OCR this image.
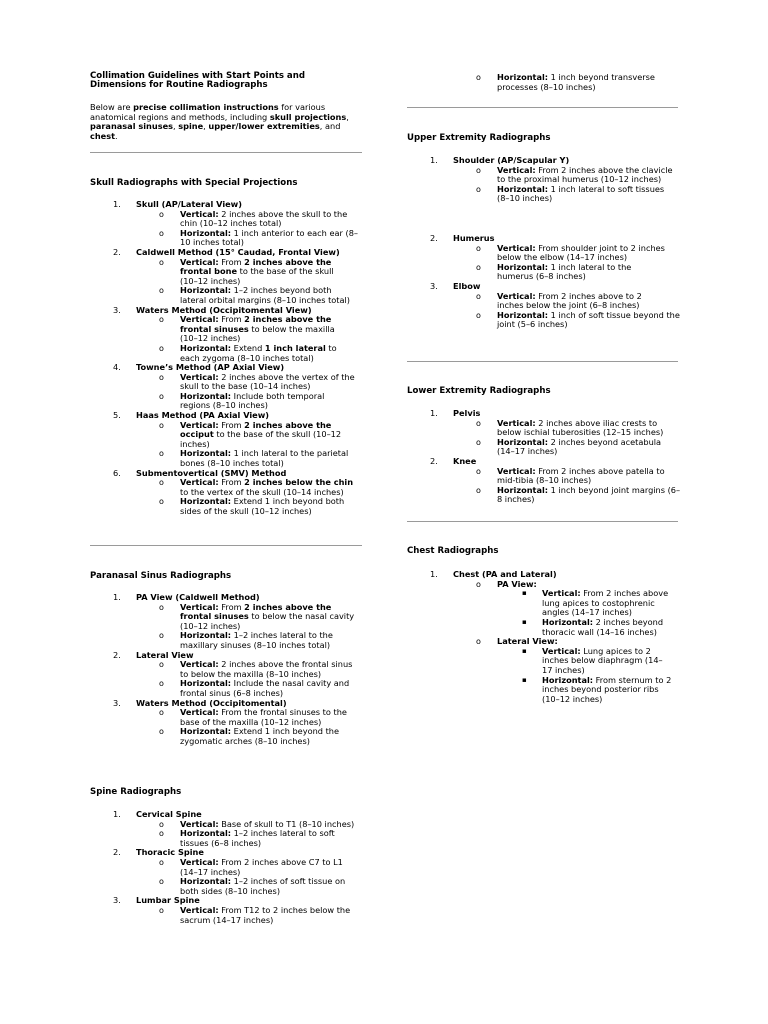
Collimation Guidelines with Start Points and
Dimensions for Routine Radiographs
Below are precise collimation instructions for various anatomical regions and methods, including skull projections, paranasal sinuses, spine, upper/lower extremities, and chest.
Skull Radiographs with Special Projections
1. Skull (AP/Lateral View)
o Vertical: 2 inches above the skull to the chin (10–12 inches total)
o Horizontal: 1 inch anterior to each ear (8–10 inches total)
2. Caldwell Method (15° Caudad, Frontal View)
o Vertical: From 2 inches above the frontal bone to the base of the skull (10–12 inches)
o Horizontal: 1–2 inches beyond both lateral orbital margins (8–10 inches total)
3. Waters Method (Occipitomental View)
o Vertical: From 2 inches above the frontal sinuses to below the maxilla (10–12 inches)
o Horizontal: Extend 1 inch lateral to each zygoma (8–10 inches total)
4. Towne’s Method (AP Axial View)
o Vertical: 2 inches above the vertex of the skull to the base (10–14 inches)
o Horizontal: Include both temporal regions (8–10 inches)
5. Haas Method (PA Axial View)
o Vertical: From 2 inches above the occiput to the base of the skull (10–12 inches)
o Horizontal: 1 inch lateral to the parietal bones (8–10 inches total)
6. Submentovertical (SMV) Method
o Vertical: From 2 inches below the chin to the vertex of the skull (10–14 inches)
o Horizontal: Extend 1 inch beyond both sides of the skull (10–12 inches)
Paranasal Sinus Radiographs
1. PA View (Caldwell Method)
o Vertical: From 2 inches above the frontal sinuses to below the nasal cavity (10–12 inches)
o Horizontal: 1–2 inches lateral to the maxillary sinuses (8–10 inches total)
2. Lateral View
o Vertical: 2 inches above the frontal sinus to below the maxilla (8–10 inches)
o Horizontal: Include the nasal cavity and frontal sinus (6–8 inches)
3. Waters Method (Occipitomental)
o Vertical: From the frontal sinuses to the base of the maxilla (10–12 inches)
o Horizontal: Extend 1 inch beyond the zygomatic arches (8–10 inches)
Spine Radiographs
1. Cervical Spine
o Vertical: Base of skull to T1 (8–10 inches)
o Horizontal: 1–2 inches lateral to soft tissues (6–8 inches)
2. Thoracic Spine
o Vertical: From 2 inches above C7 to L1 (14–17 inches)
o Horizontal: 1–2 inches of soft tissue on both sides (8–10 inches)
3. Lumbar Spine
o Vertical: From T12 to 2 inches below the sacrum (14–17 inches)
o Horizontal: 1 inch beyond transverse processes (8–10 inches)
Upper Extremity Radiographs
1. Shoulder (AP/Scapular Y)
o Vertical: From 2 inches above the clavicle to the proximal humerus (10–12 inches)
o Horizontal: 1 inch lateral to soft tissues (8–10 inches)
2. Humerus
o Vertical: From shoulder joint to 2 inches below the elbow (14–17 inches)
o Horizontal: 1 inch lateral to the humerus (6–8 inches)
3. Elbow
o Vertical: From 2 inches above to 2 inches below the joint (6–8 inches)
o Horizontal: 1 inch of soft tissue beyond the joint (5–6 inches)
Lower Extremity Radiographs
1. Pelvis
o Vertical: 2 inches above iliac crests to below ischial tuberosities (12–15 inches)
o Horizontal: 2 inches beyond acetabula (14–17 inches)
2. Knee
o Vertical: From 2 inches above patella to mid-tibia (8–10 inches)
o Horizontal: 1 inch beyond joint margins (6–8 inches)
Chest Radiographs
1. Chest (PA and Lateral)
o PA View:
▪ Vertical: From 2 inches above lung apices to costophrenic angles (14–17 inches)
▪ Horizontal: 2 inches beyond thoracic wall (14–16 inches)
o Lateral View:
▪ Vertical: Lung apices to 2 inches below diaphragm (14–17 inches)
▪ Horizontal: From sternum to 2 inches beyond posterior ribs (10–12 inches)
